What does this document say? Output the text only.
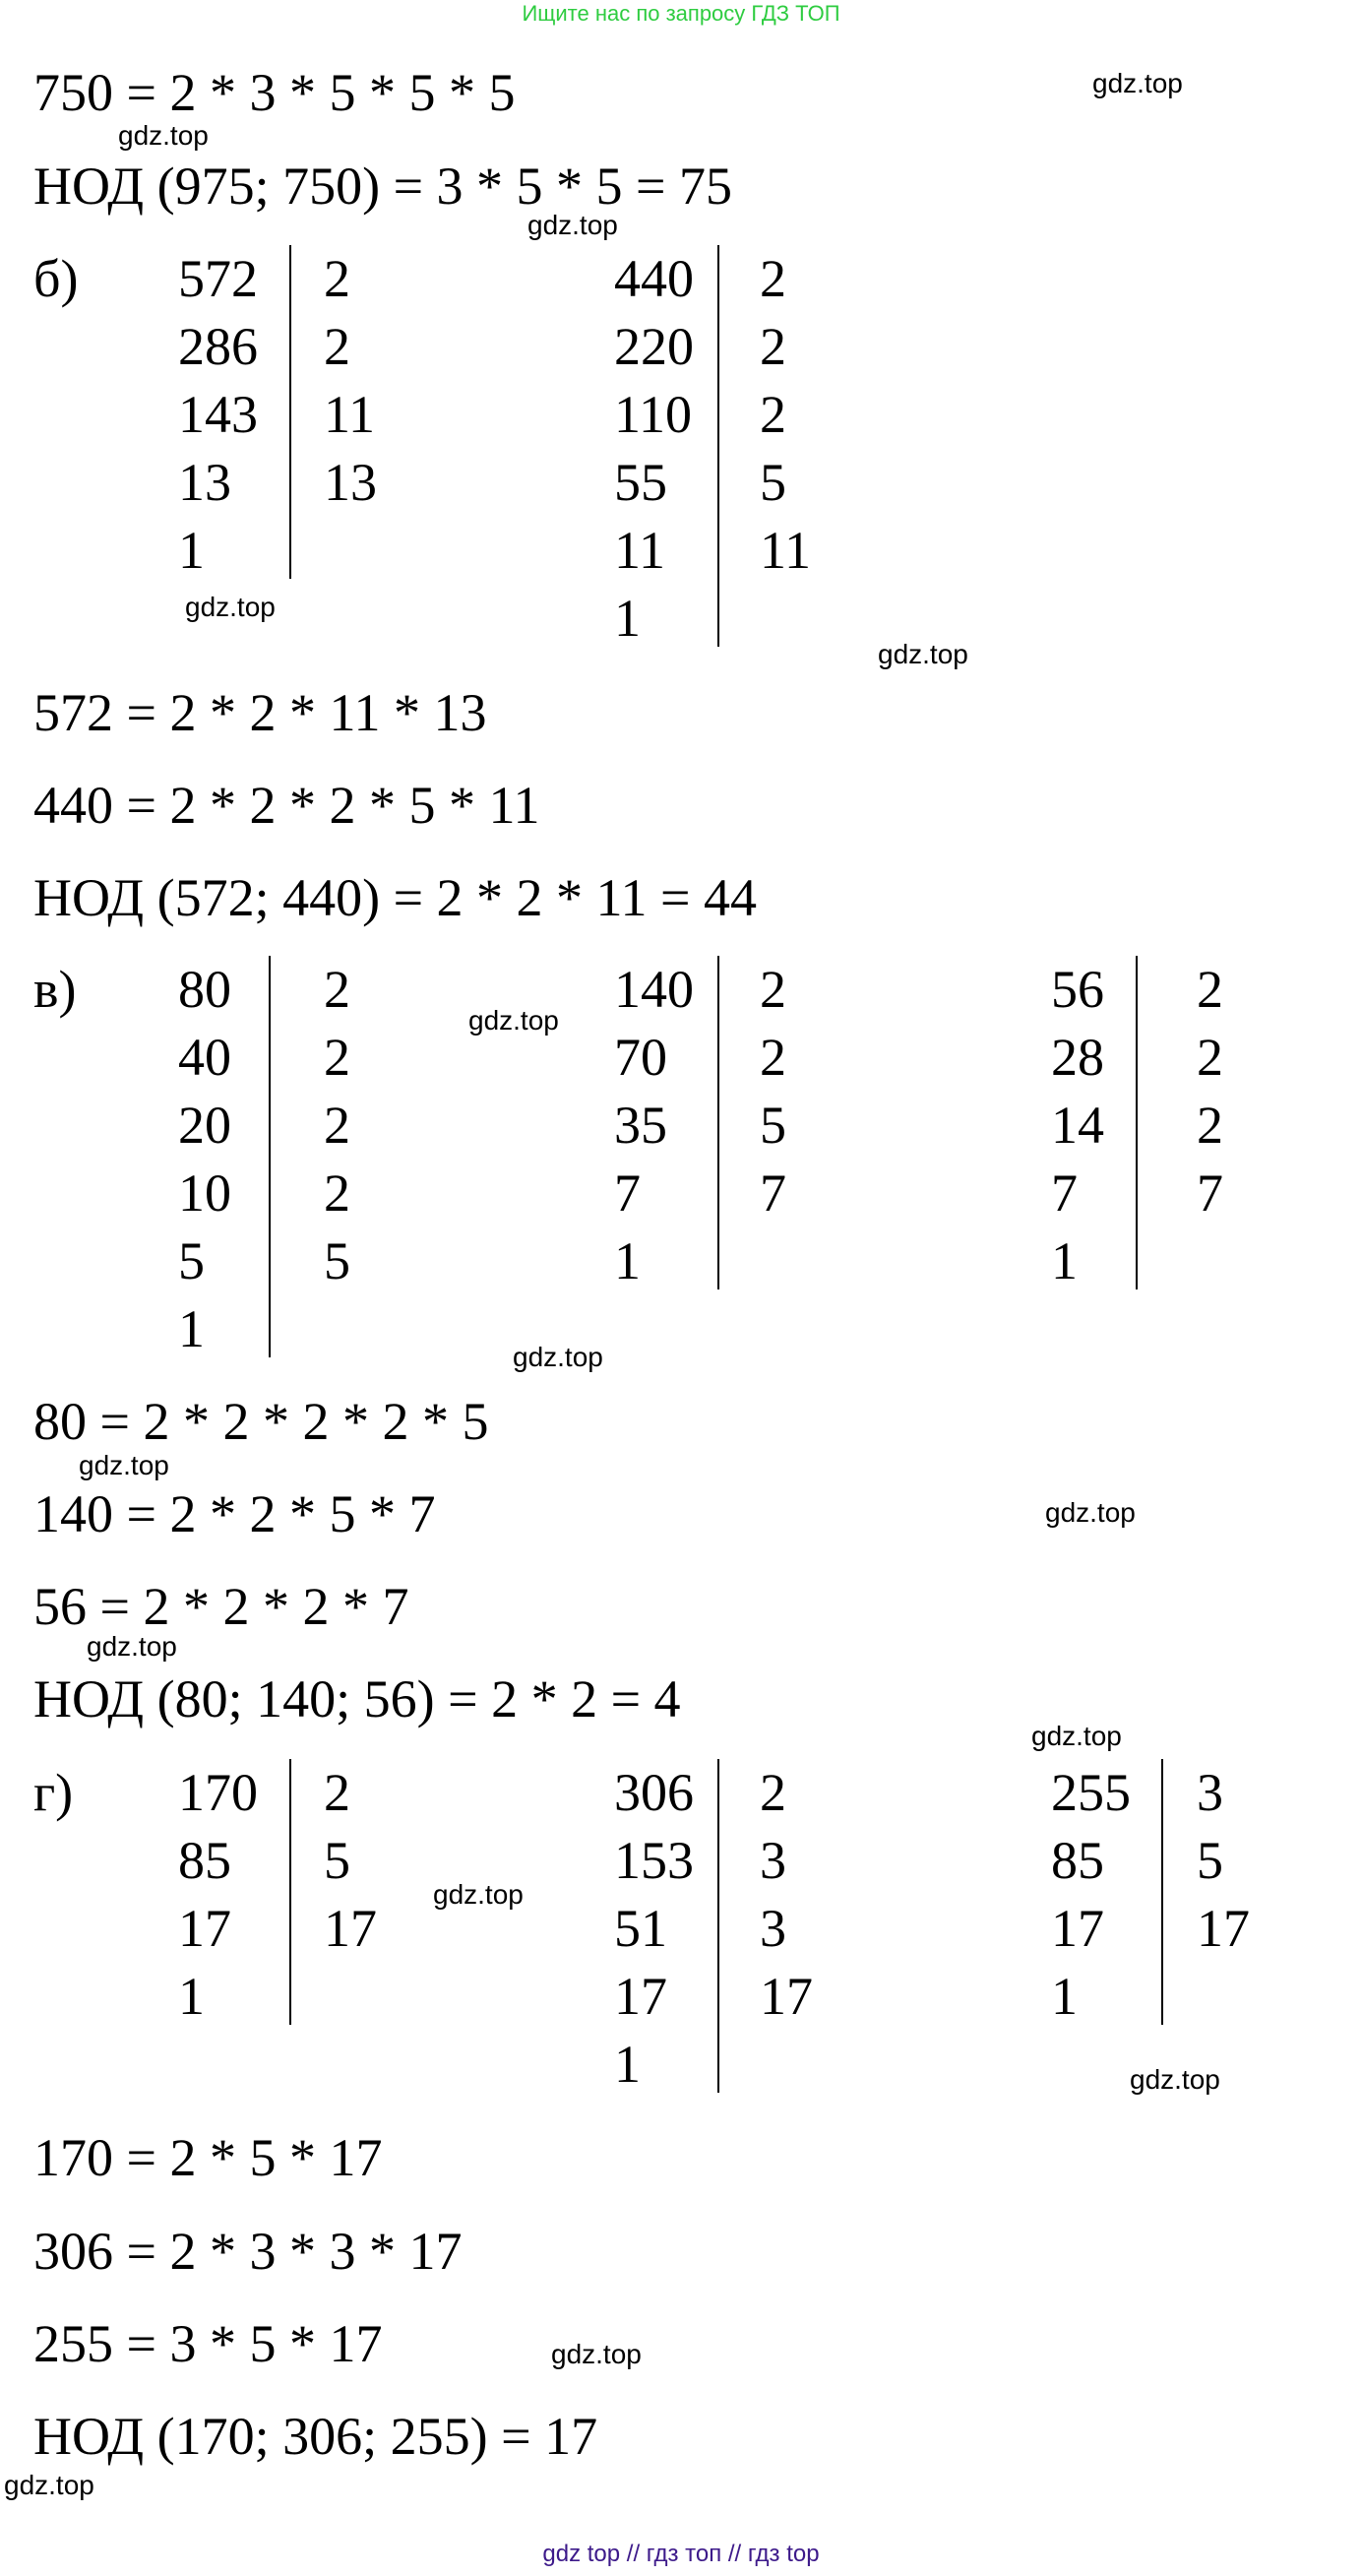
Ищите нас по запросу ГДЗ ТОП
750 = 2 * 3 * 5 * 5 * 5
НОД (975; 750) = 3 * 5 * 5 = 75
б) 572 2
286 2
143 11
13 13
1
440 2
220 2
110 2
55 5
11 11
1
572 = 2 * 2 * 11 * 13
440 = 2 * 2 * 2 * 5 * 11
НОД (572; 440) = 2 * 2 * 11 = 44
в) 80 2
40 2
20 2
10 2
5 5
1
140 2
70 2
35 5
7 7
1
56 2
28 2
14 2
7 7
1
80 = 2 * 2 * 2 * 2 * 5
140 = 2 * 2 * 5 * 7
56 = 2 * 2 * 2 * 7
НОД (80; 140; 56) = 2 * 2 = 4
г) 170 2
85 5
17 17
1
306 2
153 3
51 3
17 17
1
255 3
85 5
17 17
1
170 = 2 * 5 * 17
306 = 2 * 3 * 3 * 17
255 = 3 * 5 * 17
НОД (170; 306; 255) = 17
gdz.top
gdz.top
gdz.top
gdz.top
gdz.top
gdz.top
gdz.top
gdz.top
gdz.top
gdz.top
gdz.top
gdz.top
gdz.top
gdz.top
gdz.top
gdz top // гдз топ // гдз top
